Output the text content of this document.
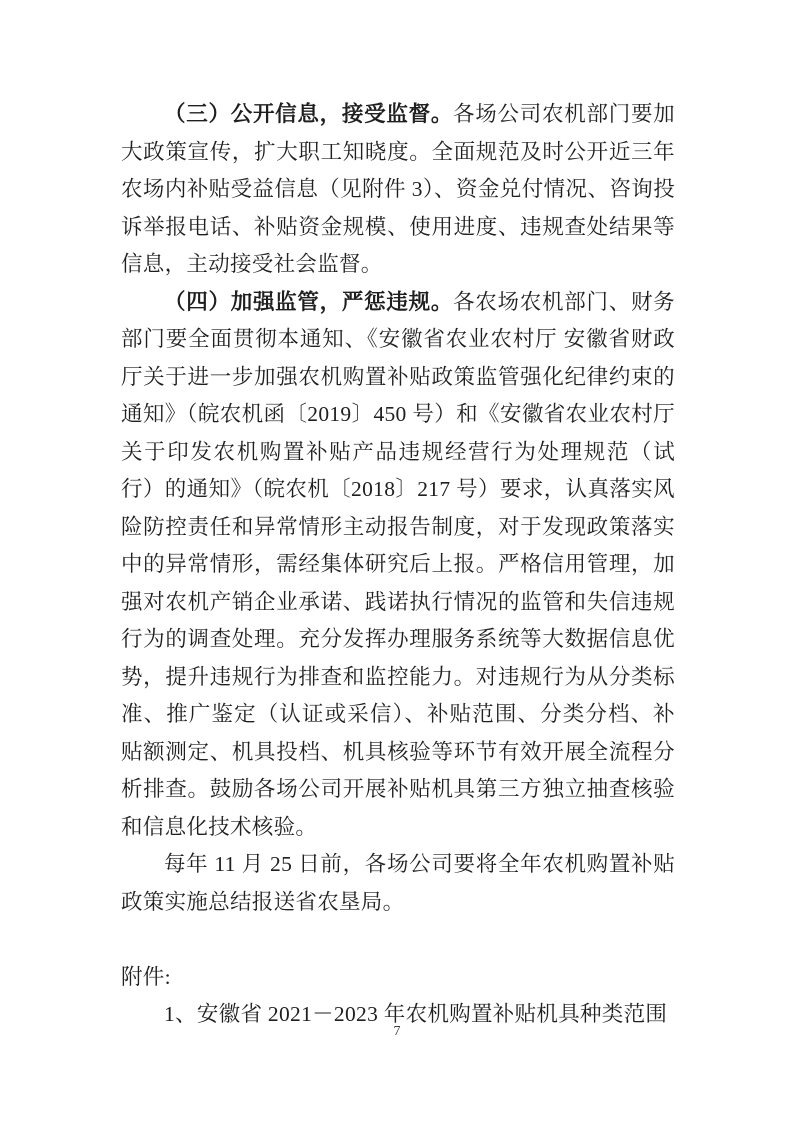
（三）公开信息，接受监督。各场公司农机部门要加大政策宣传，扩大职工知晓度。全面规范及时公开近三年农场内补贴受益信息（见附件 3）、资金兑付情况、咨询投诉举报电话、补贴资金规模、使用进度、违规查处结果等信息，主动接受社会监督。

（四）加强监管，严惩违规。各农场农机部门、财务部门要全面贯彻本通知、《安徽省农业农村厅 安徽省财政厅关于进一步加强农机购置补贴政策监管强化纪律约束的通知》（皖农机函〔2019〕450 号）和《安徽省农业农村厅关于印发农机购置补贴产品违规经营行为处理规范（试行）的通知》（皖农机〔2018〕217 号）要求，认真落实风险防控责任和异常情形主动报告制度，对于发现政策落实中的异常情形，需经集体研究后上报。严格信用管理，加强对农机产销企业承诺、践诺执行情况的监管和失信违规行为的调查处理。充分发挥办理服务系统等大数据信息优势，提升违规行为排查和监控能力。对违规行为从分类标准、推广鉴定（认证或采信）、补贴范围、分类分档、补贴额测定、机具投档、机具核验等环节有效开展全流程分析排查。鼓励各场公司开展补贴机具第三方独立抽查核验和信息化技术核验。

每年 11 月 25 日前，各场公司要将全年农机购置补贴政策实施总结报送省农垦局。

附件:

1、安徽省 2021－2023 年农机购置补贴机具种类范围

7
